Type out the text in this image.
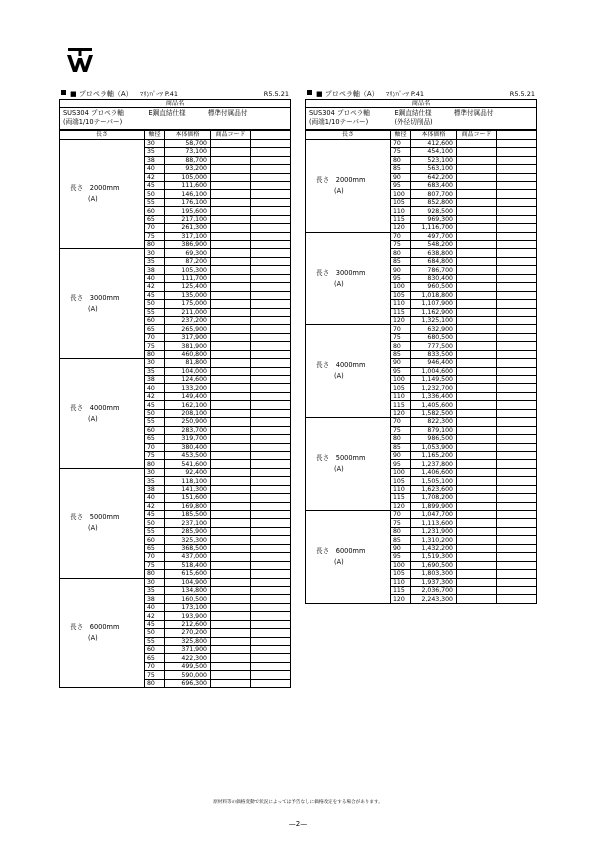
■ プロペラ軸（A）	ﾏﾘﾝﾊﾟｰﾂ P.41	R5.5.21
商品名

SUS304 プロペラ軸
(両端1/10テーパー)

E鋼直結仕様	標準付属品付
長さ	軸径	本体価格	商品コード	
長さ　2000mm
(A)	30	58,700		
	35	73,100		
	38	88,700		
	40	93,200		
	42	105,000		
	45	111,600		
	50	146,100		
	55	176,100		
	60	195,600		
	65	217,100		
	70	261,300		
	75	317,100		
	80	386,900		
長さ　3000mm
(A)	30	69,300		
	35	87,200		
	38	105,300		
	40	111,700		
	42	125,400		
	45	135,000		
	50	175,000		
	55	211,000		
	60	237,200		
	65	265,900		
	70	317,900		
	75	381,900		
	80	460,800		
長さ　4000mm
(A)	30	81,800		
	35	104,000		
	38	124,600		
	40	133,200		
	42	149,400		
	45	162,100		
	50	208,100		
	55	250,900		
	60	283,700		
	65	319,700		
	70	380,400		
	75	453,500		
	80	541,600		
長さ　5000mm
(A)	30	92,400		
	35	118,100		
	38	141,300		
	40	151,600		
	42	169,800		
	45	185,500		
	50	237,100		
	55	285,900		
	60	325,300		
	65	368,500		
	70	437,000		
	75	518,400		
	80	615,600		
長さ　6000mm
(A)	30	104,900		
	35	134,800		
	38	160,500		
	40	173,100		
	42	193,900		
	45	212,600		
	50	270,200		
	55	325,800		
	60	371,900		
	65	422,300		
	70	499,500		
	75	590,000		
	80	696,300		
■ プロペラ軸（A）	ﾏﾘﾝﾊﾟｰﾂ P.41	R5.5.21
商品名

SUS304 プロペラ軸
(両端1/10テーパー)

E鋼直結仕様	標準付属品付
(外径切削品)
長さ	軸径	本体価格	商品コード	
長さ　2000mm
(A)	70	412,600		
	75	454,100		
	80	523,100		
	85	563,100		
	90	642,200		
	95	683,400		
	100	807,700		
	105	852,800		
	110	928,500		
	115	969,300		
	120	1,116,700		
長さ　3000mm
(A)	70	497,700		
	75	548,200		
	80	638,800		
	85	684,800		
	90	786,700		
	95	830,400		
	100	960,500		
	105	1,018,800		
	110	1,107,900		
	115	1,162,900		
	120	1,325,100		
長さ　4000mm
(A)	70	632,900		
	75	680,500		
	80	777,500		
	85	833,500		
	90	946,400		
	95	1,004,600		
	100	1,149,500		
	105	1,232,700		
	110	1,336,400		
	115	1,405,600		
	120	1,582,500		
長さ　5000mm
(A)	70	822,300		
	75	879,100		
	80	986,500		
	85	1,053,900		
	90	1,165,200		
	95	1,237,800		
	100	1,406,600		
	105	1,505,100		
	110	1,623,600		
	115	1,708,200		
	120	1,899,900		
長さ　6000mm
(A)	70	1,047,700		
	75	1,113,600		
	80	1,231,900		
	85	1,310,200		
	90	1,432,200		
	95	1,519,300		
	100	1,690,500		
	105	1,803,300		
	110	1,937,300		
	115	2,036,700		
	120	2,243,300		
原材料等の価格変動で状況によっては予告なしに価格改定をする場合があります。
—2—
